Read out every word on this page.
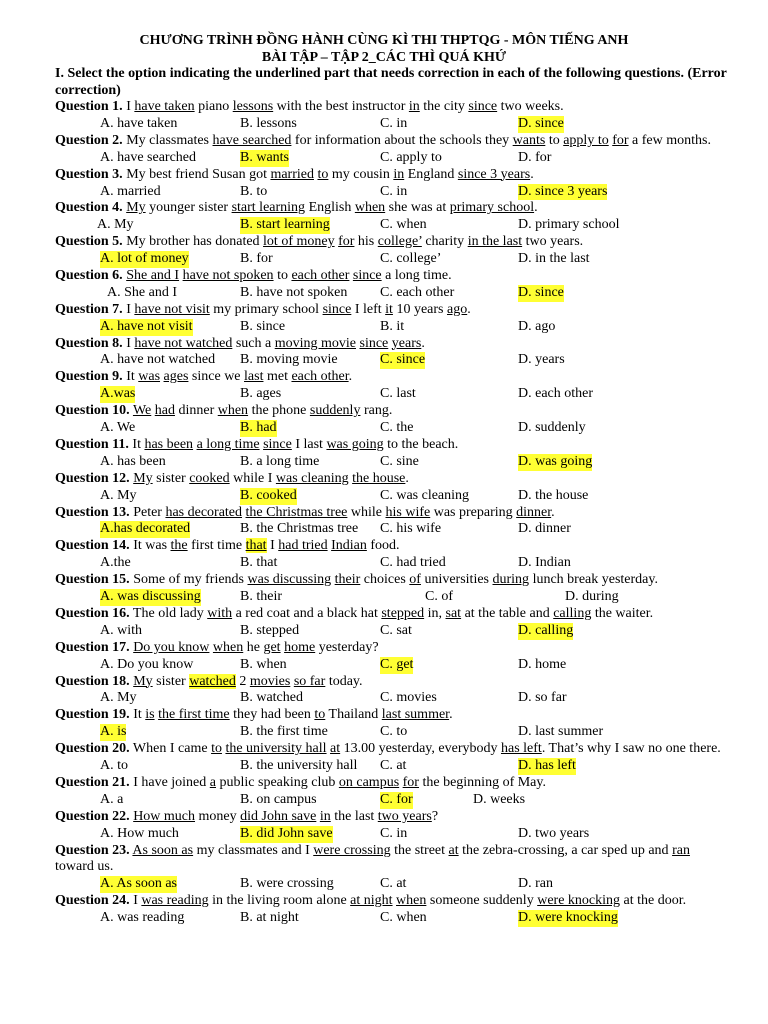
CHƯƠNG TRÌNH ĐỒNG HÀNH CÙNG KÌ THI THPTQG - MÔN TIẾNG ANH
BÀI TẬP – TẬP 2_CÁC THÌ QUÁ KHỨ
I. Select the option indicating the underlined part that needs correction in each of the following questions. (Error correction)
Question 1. I have taken piano lessons with the best instructor in the city since two weeks.
A. have taken	B. lessons	C. in	D. since
Question 2. My classmates have searched for information about the schools they wants to apply to for a few months.
A. have searched	B. wants	C. apply to	D. for
Question 3. My best friend Susan got married to my cousin in England since 3 years.
A. married	B. to	C. in	D. since 3 years
Question 4. My younger sister start learning English when she was at primary school.
A. My	B. start learning	C. when	D. primary school
Question 5. My brother has donated lot of money for his college’ charity in the last two years.
A. lot of money	B. for	C. college’	D. in the last
Question 6. She and I have not spoken to each other since a long time.
A. She and I	B. have not spoken C. each other	D. since
Question 7. I have not visit my primary school since I left it 10 years ago.
A. have not visit	B. since	B. it	D. ago
Question 8. I have not watched such a moving movie since years.
A. have not watched B. moving movie	C. since	D. years
Question 9. It was ages since we last met each other.
A.was	B. ages	C. last	D. each other
Question 10. We had dinner when the phone suddenly rang.
A. We	B. had	C. the	D. suddenly
Question 11. It has been a long time since I last was going to the beach.
A. has been	B. a long time	C. sine	D. was going
Question 12. My sister cooked while I was cleaning the house.
A. My	B. cooked	C. was cleaning	D. the house
Question 13. Peter has decorated the Christmas tree while his wife was preparing dinner.
A.has decorated	B. the Christmas tree C. his wife	D. dinner
Question 14. It was the first time that I had tried Indian food.
A.the	B. that	C. had tried	D. Indian
Question 15. Some of my friends was discussing their choices of universities during lunch break yesterday.
A. was discussing	B. their	C. of	D. during
Question 16. The old lady with a red coat and a black hat stepped in, sat at the table and calling the waiter.
A. with	B. stepped	C. sat	D. calling
Question 17. Do you know when he get home yesterday?
A. Do you know	B. when	C. get	D. home
Question 18. My sister watched 2 movies so far today.
A. My	B. watched	C. movies	D. so far
Question 19. It is the first time they had been to Thailand last summer.
A. is	B. the first time	C. to	D. last summer
Question 20. When I came to the university hall at 13.00 yesterday, everybody has left. That’s why I saw no one there.
A. to	B. the university hall C. at	D. has left
Question 21. I have joined a public speaking club on campus for the beginning of May.
A. a	B. on campus	C. for	D. weeks
Question 22. How much money did John save in the last two years?
A. How much	B. did John save	C. in	D. two years
Question 23. As soon as my classmates and I were crossing the street at the zebra-crossing, a car sped up and ran toward us.
A. As soon as	B. were crossing	C. at	D. ran
Question 24. I was reading in the living room alone at night when someone suddenly were knocking at the door.
A. was reading	B. at night	C. when	D. were knocking
